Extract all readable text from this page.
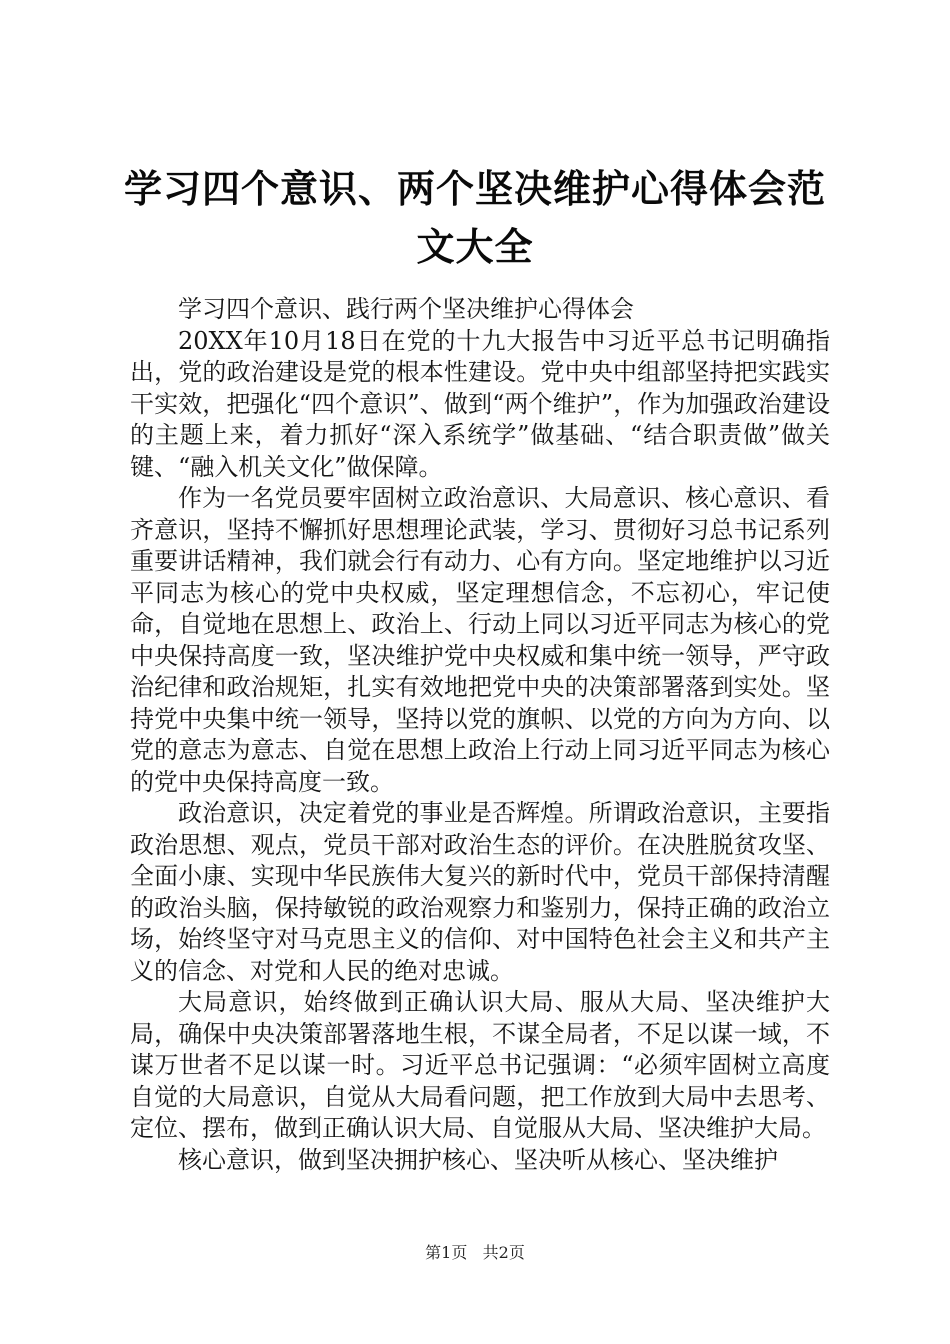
学习四个意识、两个坚决维护心得体会范文大全

学习四个意识、践行两个坚决维护心得体会

20XX年10月18日在党的十九大报告中习近平总书记明确指出，党的政治建设是党的根本性建设。党中央中组部坚持把实践实干实效，把强化“四个意识”、做到“两个维护”，作为加强政治建设的主题上来，着力抓好“深入系统学”做基础、“结合职责做”做关键、“融入机关文化”做保障。

作为一名党员要牢固树立政治意识、大局意识、核心意识、看齐意识，坚持不懈抓好思想理论武装，学习、贯彻好习总书记系列重要讲话精神，我们就会行有动力、心有方向。坚定地维护以习近平同志为核心的党中央权威，坚定理想信念，不忘初心，牢记使命，自觉地在思想上、政治上、行动上同以习近平同志为核心的党中央保持高度一致，坚决维护党中央权威和集中统一领导，严守政治纪律和政治规矩，扎实有效地把党中央的决策部署落到实处。坚持党中央集中统一领导，坚持以党的旗帜、以党的方向为方向、以党的意志为意志、自觉在思想上政治上行动上同习近平同志为核心的党中央保持高度一致。

政治意识，决定着党的事业是否辉煌。所谓政治意识，主要指政治思想、观点，党员干部对政治生态的评价。在决胜脱贫攻坚、全面小康、实现中华民族伟大复兴的新时代中，党员干部保持清醒的政治头脑，保持敏锐的政治观察力和鉴别力，保持正确的政治立场，始终坚守对马克思主义的信仰、对中国特色社会主义和共产主义的信念、对党和人民的绝对忠诚。

大局意识，始终做到正确认识大局、服从大局、坚决维护大局，确保中央决策部署落地生根，不谋全局者，不足以谋一域，不谋万世者不足以谋一时。习近平总书记强调：“必须牢固树立高度自觉的大局意识，自觉从大局看问题，把工作放到大局中去思考、定位、摆布，做到正确认识大局、自觉服从大局、坚决维护大局。

核心意识，做到坚决拥护核心、坚决听从核心、坚决维护

第1页 共2页
